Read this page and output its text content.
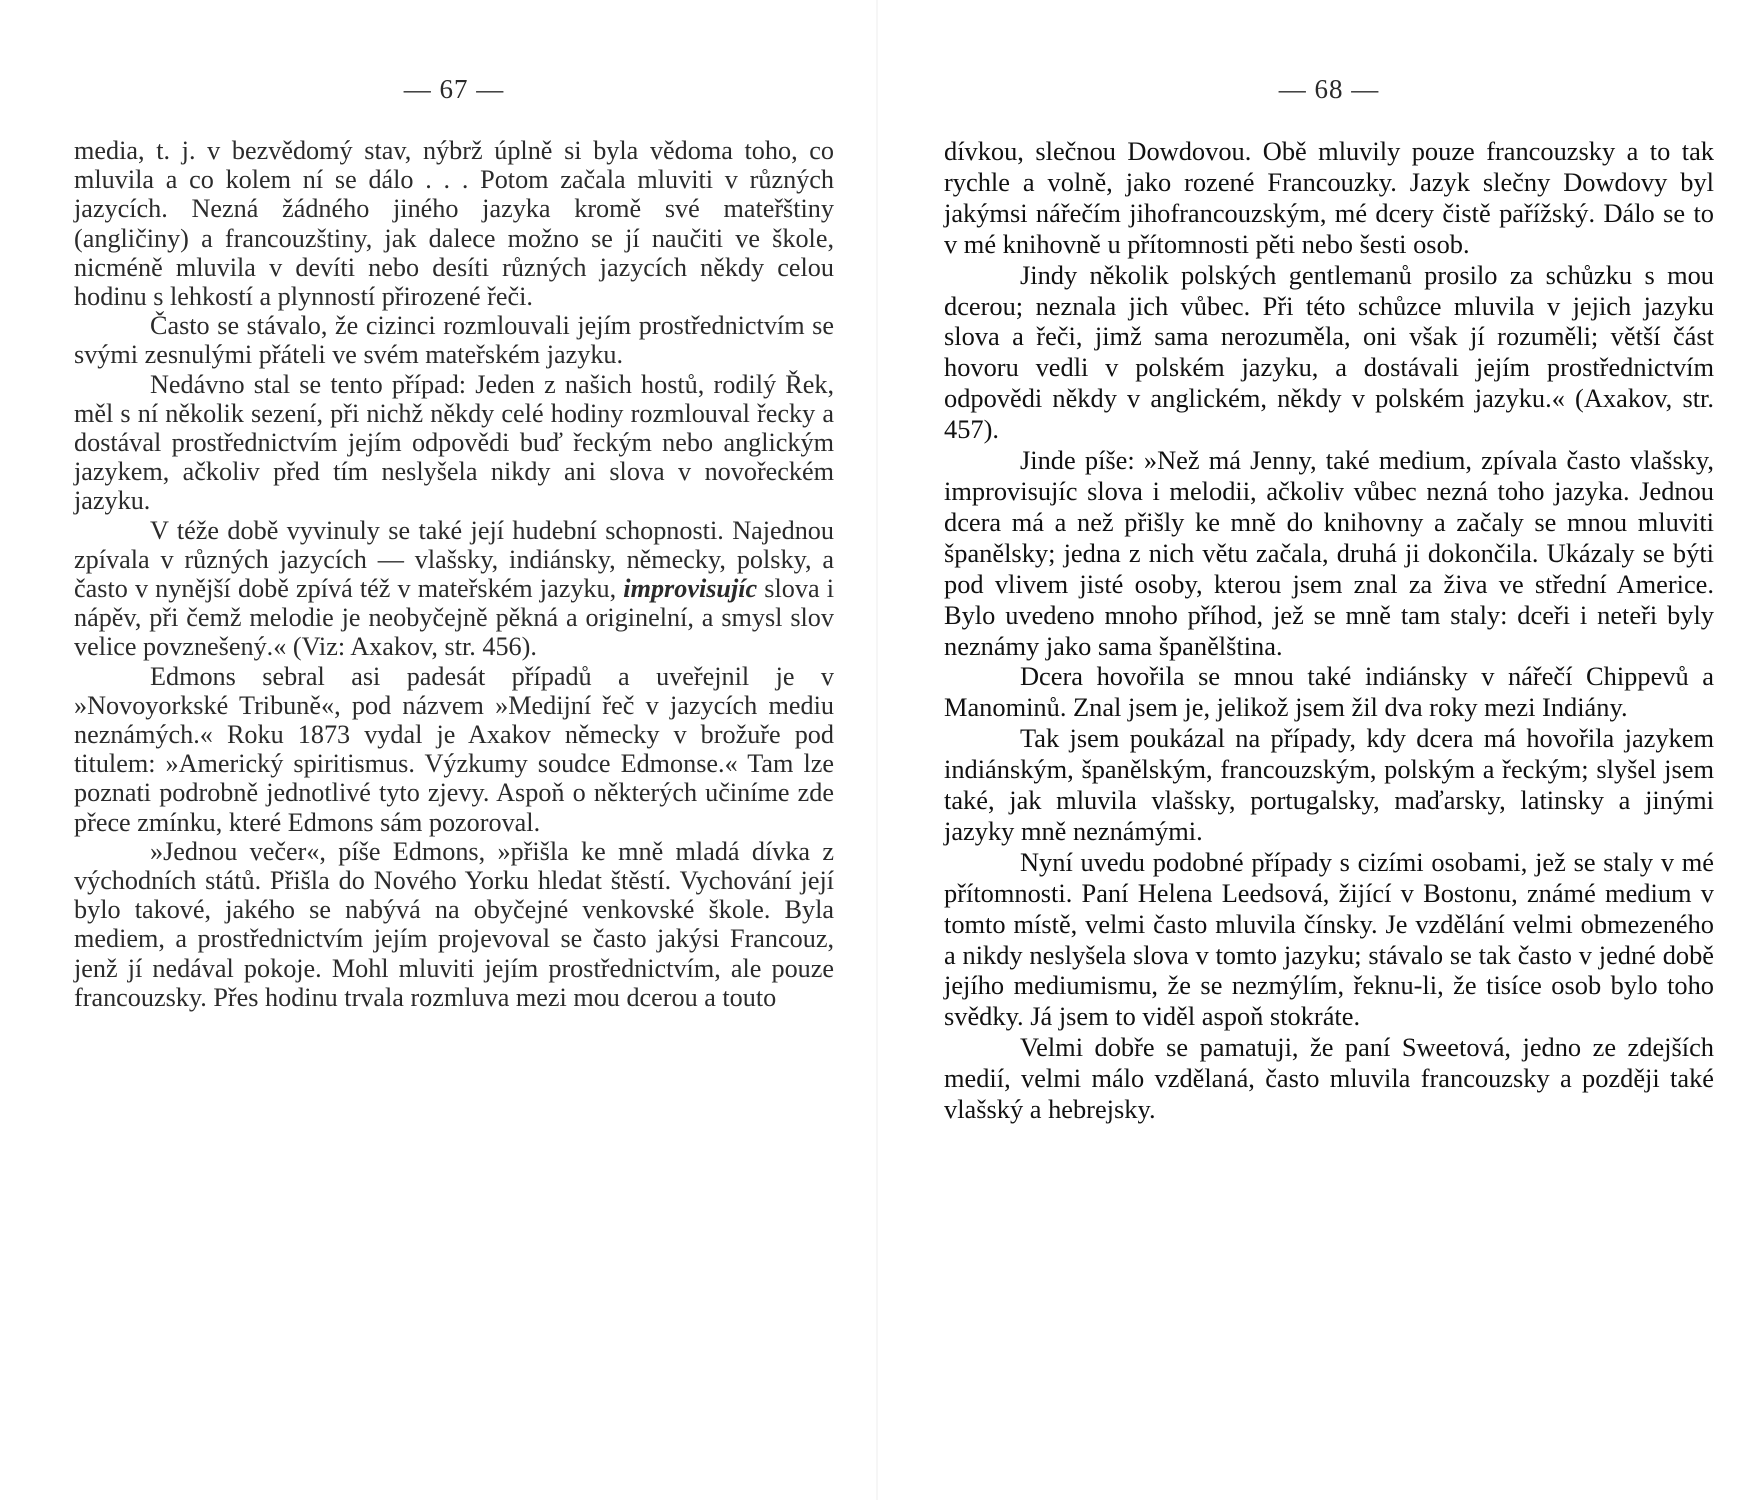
— 67 —

media, t. j. v bezvědomý stav, nýbrž úplně si byla vědoma toho, co mluvila a co kolem ní se dálo . . . Potom začala mluviti v různých jazycích. Nezná žádného jiného jazyka kromě své mateřštiny (angličiny) a francouzštiny, jak dalece možno se jí naučiti ve škole, nicméně mluvila v devíti nebo desíti různých jazycích někdy celou hodinu s lehkostí a plynností přirozené řeči.

Často se stávalo, že cizinci rozmlouvali jejím prostřednictvím se svými zesnulými přáteli ve svém mateřském jazyku.

Nedávno stal se tento případ: Jeden z našich hostů, rodilý Řek, měl s ní několik sezení, při nichž někdy celé hodiny rozmlouval řecky a dostával prostřednictvím jejím odpovědi buď řeckým nebo anglickým jazykem, ačkoliv před tím neslyšela nikdy ani slova v novořeckém jazyku.

V téže době vyvinuly se také její hudební schopnosti. Najednou zpívala v různých jazycích — vlašsky, indiánsky, německy, polsky, a často v nynější době zpívá též v mateřském jazyku, improvisujíc slova i nápěv, při čemž melodie je neobyčejně pěkná a originelní, a smysl slov velice povznešený.« (Viz: Axakov, str. 456).

Edmons sebral asi padesát případů a uveřejnil je v »Novoyorkské Tribuně«, pod názvem »Medijní řeč v jazycích mediu neznámých.« Roku 1873 vydal je Axakov německy v brožuře pod titulem: »Americký spiritismus. Výzkumy soudce Edmonse.« Tam lze poznati podrobně jednotlivé tyto zjevy. Aspoň o některých učiníme zde přece zmínku, které Edmons sám pozoroval.

»Jednou večer«, píše Edmons, »přišla ke mně mladá dívka z východních států. Přišla do Nového Yorku hledat štěstí. Vychování její bylo takové, jakého se nabývá na obyčejné venkovské škole. Byla mediem, a prostřednictvím jejím projevoval se často jakýsi Francouz, jenž jí nedával pokoje. Mohl mluviti jejím prostřednictvím, ale pouze francouzsky. Přes hodinu trvala rozmluva mezi mou dcerou a touto

— 68 —

dívkou, slečnou Dowdovou. Obě mluvily pouze francouzsky a to tak rychle a volně, jako rozené Francouzky. Jazyk slečny Dowdovy byl jakýmsi nářečím jihofrancouzským, mé dcery čistě pařížský. Dálo se to v mé knihovně u přítomnosti pěti nebo šesti osob.

Jindy několik polských gentlemanů prosilo za schůzku s mou dcerou; neznala jich vůbec. Při této schůzce mluvila v jejich jazyku slova a řeči, jimž sama nerozuměla, oni však jí rozuměli; větší část hovoru vedli v polském jazyku, a dostávali jejím prostřednictvím odpovědi někdy v anglickém, někdy v polském jazyku.« (Axakov, str. 457).

Jinde píše: »Než má Jenny, také medium, zpívala často vlašsky, improvisujíc slova i melodii, ačkoliv vůbec nezná toho jazyka. Jednou dcera má a než přišly ke mně do knihovny a začaly se mnou mluviti španělsky; jedna z nich větu začala, druhá ji dokončila. Ukázaly se býti pod vlivem jisté osoby, kterou jsem znal za živa ve střední Americe. Bylo uvedeno mnoho příhod, jež se mně tam staly: dceři i neteři byly neznámy jako sama španělština.

Dcera hovořila se mnou také indiánsky v nářečí Chippevů a Manominů. Znal jsem je, jelikož jsem žil dva roky mezi Indiány.

Tak jsem poukázal na případy, kdy dcera má hovořila jazykem indiánským, španělským, francouzským, polským a řeckým; slyšel jsem také, jak mluvila vlašsky, portugalsky, maďarsky, latinsky a jinými jazyky mně neznámými.

Nyní uvedu podobné případy s cizími osobami, jež se staly v mé přítomnosti. Paní Helena Leedsová, žijící v Bostonu, známé medium v tomto místě, velmi často mluvila čínsky. Je vzdělání velmi obmezeného a nikdy neslyšela slova v tomto jazyku; stávalo se tak často v jedné době jejího mediumismu, že se nezmýlím, řeknu-li, že tisíce osob bylo toho svědky. Já jsem to viděl aspoň stokráte.

Velmi dobře se pamatuji, že paní Sweetová, jedno ze zdejších medií, velmi málo vzdělaná, často mluvila francouzsky a později také vlašský a hebrejsky.
